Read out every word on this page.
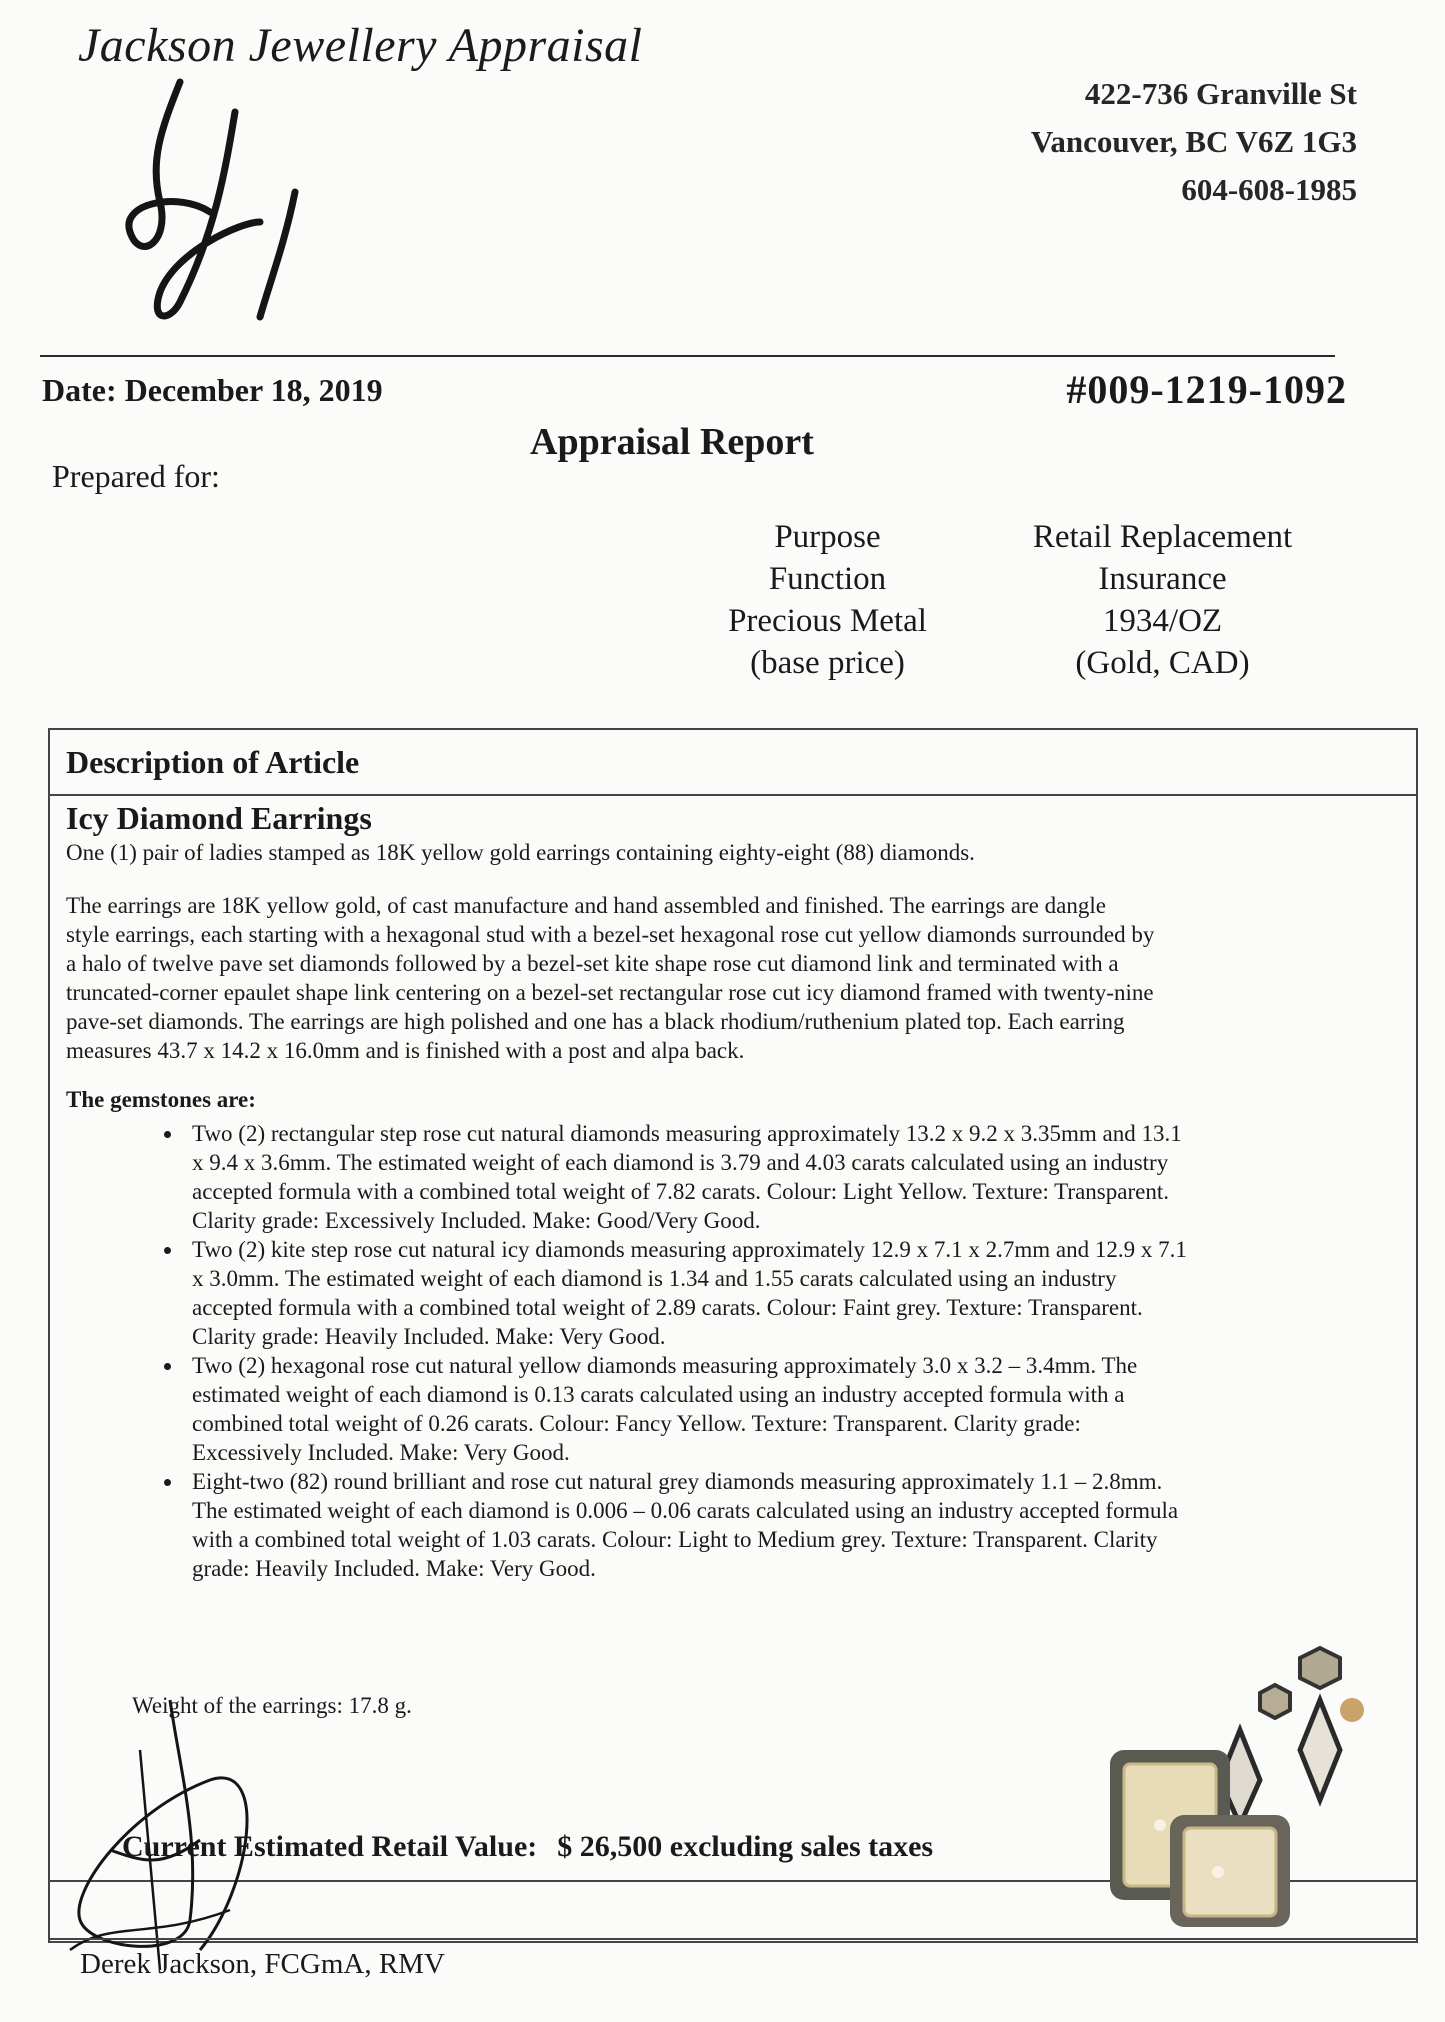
Jackson Jewellery Appraisal
422-736 Granville St
Vancouver, BC V6Z 1G3
604-608-1985
Date: December 18, 2019	#009-1219-1092
Appraisal Report
Prepared for:
Purpose	Retail Replacement
Function	Insurance
Precious Metal	1934/OZ
(base price)	(Gold, CAD)
Description of Article
Icy Diamond Earrings

One (1) pair of ladies stamped as 18K yellow gold earrings containing eighty-eight (88) diamonds.

The earrings are 18K yellow gold, of cast manufacture and hand assembled and finished. The earrings are dangle

style earrings, each starting with a hexagonal stud with a bezel-set hexagonal rose cut yellow diamonds surrounded by

a halo of twelve pave set diamonds followed by a bezel-set kite shape rose cut diamond link and terminated with a

truncated-corner epaulet shape link centering on a bezel-set rectangular rose cut icy diamond framed with twenty-nine

pave-set diamonds. The earrings are high polished and one has a black rhodium/ruthenium plated top. Each earring

measures 43.7 x 14.2 x 16.0mm and is finished with a post and alpa back.

The gemstones are:
• Two (2) rectangular step rose cut natural diamonds measuring approximately 13.2 x 9.2 x 3.35mm and 13.1
x 9.4 x 3.6mm. The estimated weight of each diamond is 3.79 and 4.03 carats calculated using an industry
accepted formula with a combined total weight of 7.82 carats. Colour: Light Yellow. Texture: Transparent.
Clarity grade: Excessively Included. Make: Good/Very Good.
• Two (2) kite step rose cut natural icy diamonds measuring approximately 12.9 x 7.1 x 2.7mm and 12.9 x 7.1
x 3.0mm. The estimated weight of each diamond is 1.34 and 1.55 carats calculated using an industry
accepted formula with a combined total weight of 2.89 carats. Colour: Faint grey. Texture: Transparent.
Clarity grade: Heavily Included. Make: Very Good.
• Two (2) hexagonal rose cut natural yellow diamonds measuring approximately 3.0 x 3.2 – 3.4mm. The
estimated weight of each diamond is 0.13 carats calculated using an industry accepted formula with a
combined total weight of 0.26 carats. Colour: Fancy Yellow. Texture: Transparent. Clarity grade:
Excessively Included. Make: Very Good.
• Eight-two (82) round brilliant and rose cut natural grey diamonds measuring approximately 1.1 – 2.8mm.
The estimated weight of each diamond is 0.006 – 0.06 carats calculated using an industry accepted formula
with a combined total weight of 1.03 carats. Colour: Light to Medium grey. Texture: Transparent. Clarity
grade: Heavily Included. Make: Very Good.
Weight of the earrings: 17.8 g.
Current Estimated Retail Value: $ 26,500 excluding sales taxes
Derek Jackson, FCGmA, RMV
